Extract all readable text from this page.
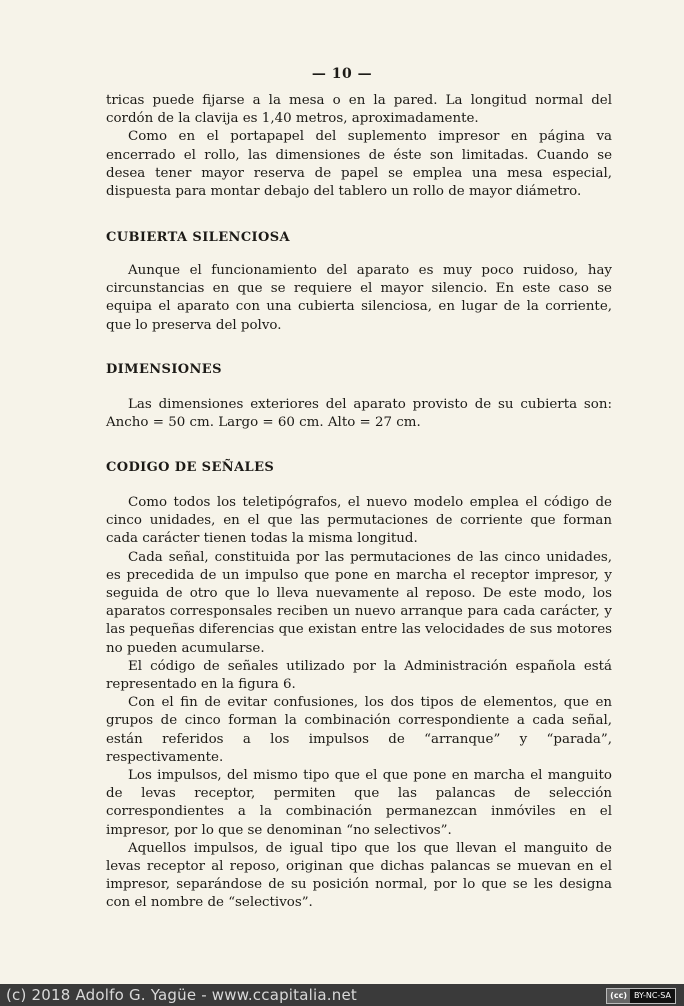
— 10 —

tricas puede fijarse a la mesa o en la pared. La longitud normal del cordón de la clavija es 1,40 metros, aproximadamente.

Como en el portapapel del suplemento impresor en página va encerrado el rollo, las dimensiones de éste son limitadas. Cuando se desea tener mayor reserva de papel se emplea una mesa especial, dispuesta para montar debajo del tablero un rollo de mayor diámetro.

CUBIERTA SILENCIOSA

Aunque el funcionamiento del aparato es muy poco ruidoso, hay circunstancias en que se requiere el mayor silencio. En este caso se equipa el aparato con una cubierta silenciosa, en lugar de la corriente, que lo preserva del polvo.

DIMENSIONES

Las dimensiones exteriores del aparato provisto de su cubierta son: Ancho = 50 cm. Largo = 60 cm. Alto = 27 cm.

CODIGO DE SEÑALES

Como todos los teletipógrafos, el nuevo modelo emplea el código de cinco unidades, en el que las permutaciones de corriente que forman cada carácter tienen todas la misma longitud.

Cada señal, constituida por las permutaciones de las cinco unidades, es precedida de un impulso que pone en marcha el receptor impresor, y seguida de otro que lo lleva nuevamente al reposo. De este modo, los aparatos corresponsales reciben un nuevo arranque para cada carácter, y las pequeñas diferencias que existan entre las velocidades de sus motores no pueden acumularse.

El código de señales utilizado por la Administración española está representado en la figura 6.

Con el fin de evitar confusiones, los dos tipos de elementos, que en grupos de cinco forman la combinación correspondiente a cada señal, están referidos a los impulsos de “arranque” y “parada”, respectivamente.

Los impulsos, del mismo tipo que el que pone en marcha el manguito de levas receptor, permiten que las palancas de selección correspondientes a la combinación permanezcan inmóviles en el impresor, por lo que se denominan “no selectivos”.

Aquellos impulsos, de igual tipo que los que llevan el manguito de levas receptor al reposo, originan que dichas palancas se muevan en el impresor, separándose de su posición normal, por lo que se les designa con el nombre de “selectivos”.

(c) 2018 Adolfo G. Yagüe - www.ccapitalia.net	(cc) BY-NC-SA
